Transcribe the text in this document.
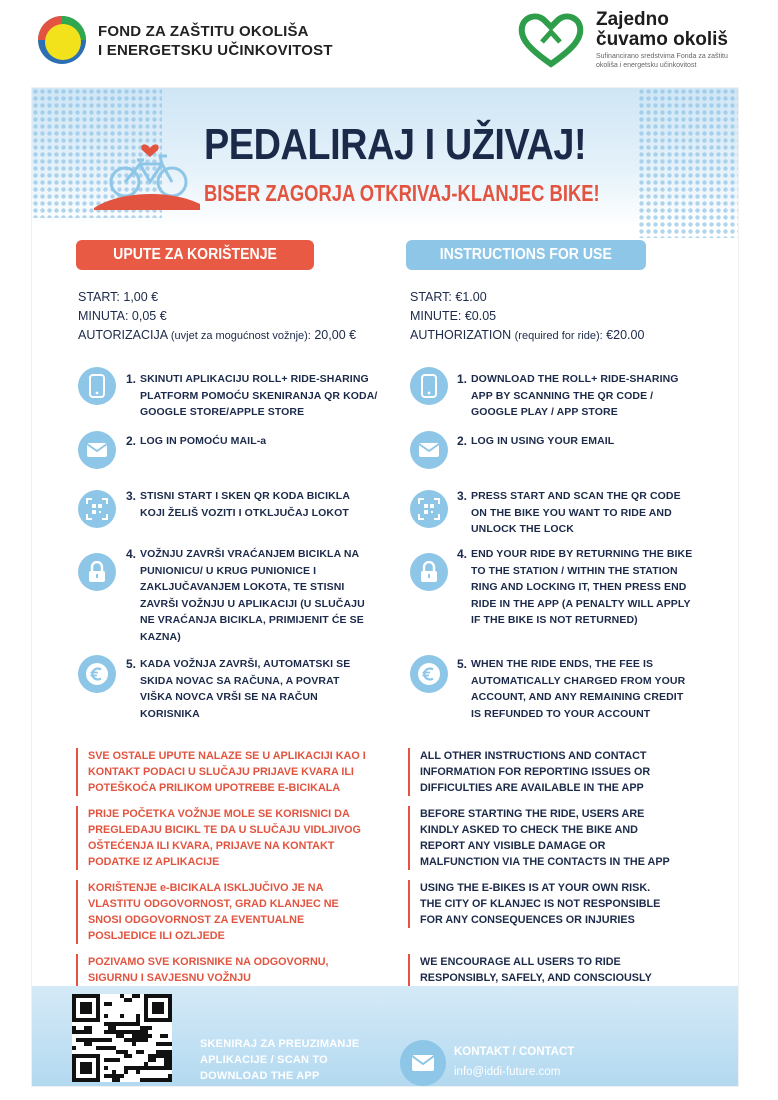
FOND ZA ZAŠTITU OKOLIŠA
I ENERGETSKU UČINKOVITOST
Zajedno
čuvamo okoliš
Sufinancirano sredstvima Fonda za zaštitu
okoliša i energetsku učinkovitost
PEDALIRAJ I UŽIVAJ!
BISER ZAGORJA OTKRIVAJ-KLANJEC BIKE!
UPUTE ZA KORIŠTENJE	INSTRUCTIONS FOR USE
START: 1,00 €
MINUTA: 0,05 €
AUTORIZACIJA (uvjet za mogućnost vožnje): 20,00 €
START: €1.00
MINUTE: €0.05
AUTHORIZATION (required for ride): €20.00
1. SKINUTI APLIKACIJU ROLL+ RIDE-SHARING
PLATFORM POMOĆU SKENIRANJA QR KODA/
GOOGLE STORE/APPLE STORE
2. LOG IN POMOĆU MAIL-a
3. STISNI START I SKEN QR KODA BICIKLA
KOJI ŽELIŠ VOZITI I OTKLJUČAJ LOKOT
4. VOŽNJU ZAVRŠI VRAĆANJEM BICIKLA NA
PUNIONICU/ U KRUG PUNIONICE I
ZAKLJUČAVANJEM LOKOTA, TE STISNI
ZAVRŠI VOŽNJU U APLIKACIJI (U SLUČAJU
NE VRAĆANJA BICIKLA, PRIMIJENIT ĆE SE
KAZNA)
5. KADA VOŽNJA ZAVRŠI, AUTOMATSKI SE
SKIDA NOVAC SA RAČUNA, A POVRAT
VIŠKA NOVCA VRŠI SE NA RAČUN
KORISNIKA
1. DOWNLOAD THE ROLL+ RIDE-SHARING
APP BY SCANNING THE QR CODE /
GOOGLE PLAY / APP STORE
2. LOG IN USING YOUR EMAIL
3. PRESS START AND SCAN THE QR CODE
ON THE BIKE YOU WANT TO RIDE AND
UNLOCK THE LOCK
4. END YOUR RIDE BY RETURNING THE BIKE
TO THE STATION / WITHIN THE STATION
RING AND LOCKING IT, THEN PRESS END
RIDE IN THE APP (A PENALTY WILL APPLY
IF THE BIKE IS NOT RETURNED)
5. WHEN THE RIDE ENDS, THE FEE IS
AUTOMATICALLY CHARGED FROM YOUR
ACCOUNT, AND ANY REMAINING CREDIT
IS REFUNDED TO YOUR ACCOUNT
SVE OSTALE UPUTE NALAZE SE U APLIKACIJI KAO I
KONTAKT PODACI U SLUČAJU PRIJAVE KVARA ILI
POTEŠKOĆA PRILIKOM UPOTREBE E-BICIKALA
PRIJE POČETKA VOŽNJE MOLE SE KORISNICI DA
PREGLEDAJU BICIKL TE DA U SLUČAJU VIDLJIVOG
OŠTEĆENJA ILI KVARA, PRIJAVE NA KONTAKT
PODATKE IZ APLIKACIJE
KORIŠTENJE e-BICIKALA ISKLJUČIVO JE NA
VLASTITU ODGOVORNOST, GRAD KLANJEC NE
SNOSI ODGOVORNOST ZA EVENTUALNE
POSLJEDICE ILI OZLJEDE
POZIVAMO SVE KORISNIKE NA ODGOVORNU,
SIGURNU I SAVJESNU VOŽNJU
ALL OTHER INSTRUCTIONS AND CONTACT
INFORMATION FOR REPORTING ISSUES OR
DIFFICULTIES ARE AVAILABLE IN THE APP
BEFORE STARTING THE RIDE, USERS ARE
KINDLY ASKED TO CHECK THE BIKE AND
REPORT ANY VISIBLE DAMAGE OR
MALFUNCTION VIA THE CONTACTS IN THE APP
USING THE E-BIKES IS AT YOUR OWN RISK.
THE CITY OF KLANJEC IS NOT RESPONSIBLE
FOR ANY CONSEQUENCES OR INJURIES
WE ENCOURAGE ALL USERS TO RIDE
RESPONSIBLY, SAFELY, AND CONSCIOUSLY
SKENIRAJ ZA PREUZIMANJE
APLIKACIJE / SCAN TO
DOWNLOAD THE APP
KONTAKT / CONTACT
info@iddi-future.com
